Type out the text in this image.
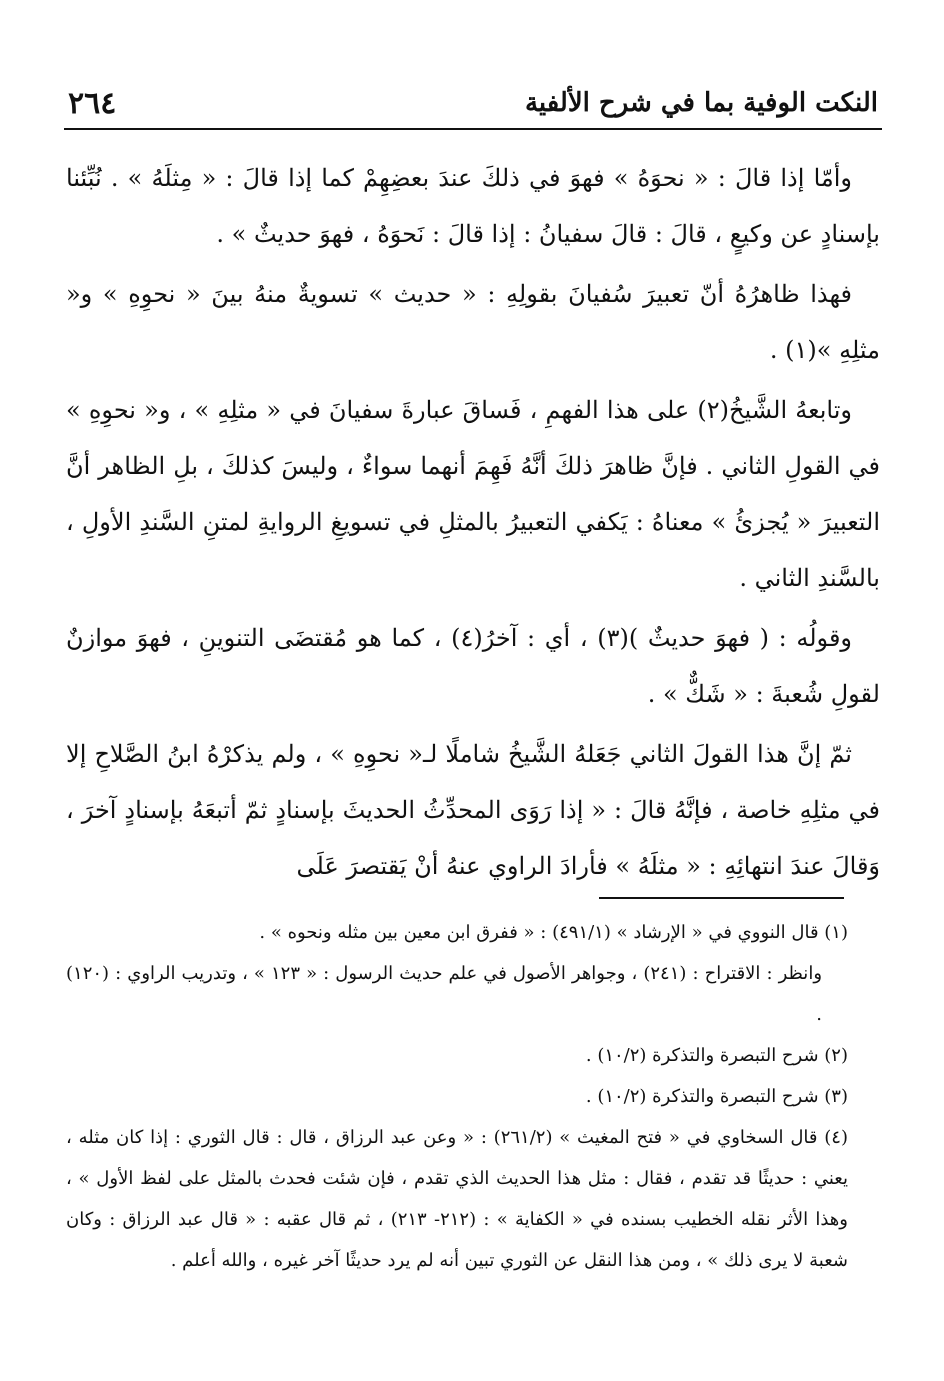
النكت الوفية بما في شرح الألفية
٢٦٤

وأمّا إذا قالَ : « نحوَهُ » فهوَ في ذلكَ عندَ بعضِهِمْ كما إذا قالَ : « مِثلَهُ » . نُبِّئنا بإسنادٍ عن وكيعٍ ، قالَ : قالَ سفيانُ : إذا قالَ : نَحوَهُ ، فهوَ حديثٌ » .

فهذا ظاهرُهُ أنّ تعبيرَ سُفيانَ بقولِهِ : « حديث » تسويةٌ منهُ بينَ « نحوِهِ » و« مثلِهِ »(١) .

وتابعهُ الشَّيخُ(٢) على هذا الفهمِ ، فَساقَ عبارةَ سفيانَ في « مثلِهِ » ، و« نحوِهِ » في القولِ الثاني . فإنَّ ظاهرَ ذلكَ أنَّهُ فَهِمَ أنهما سواءٌ ، وليسَ كذلكَ ، بلِ الظاهر أنَّ التعبيرَ « يُجزئُ » معناهُ : يَكفي التعبيرُ بالمثلِ في تسويغِ الروايةِ لمتنِ السَّندِ الأولِ ، بالسَّندِ الثاني .

وقولُه : ( فهوَ حديثٌ )(٣) ، أي : آخرُ(٤) ، كما هو مُقتضَى التنوينِ ، فهوَ موازنٌ لقولِ شُعبةَ : « شَكٌّ » .

ثمّ إنَّ هذا القولَ الثاني جَعَلهُ الشَّيخُ شاملًا لـ« نحوِهِ » ، ولم يذكرْهُ ابنُ الصَّلاحِ إلا في مثلِهِ خاصة ، فإنَّهُ قالَ : « إذا رَوَى المحدِّثُ الحديثَ بإسنادٍ ثمّ أتبعَهُ بإسنادٍ آخرَ ، وَقالَ عندَ انتهائِهِ : « مثلَهُ » فأرادَ الراوي عنهُ أنْ يَقتصرَ عَلَى

(١) قال النووي في « الإرشاد » (٤٩١/١) : « ففرق ابن معين بين مثله ونحوه » .

وانظر : الاقتراح : (٢٤١) ، وجواهر الأصول في علم حديث الرسول : « ١٢٣ » ، وتدريب الراوي : (١٢٠) .

(٢) شرح التبصرة والتذكرة (١٠/٢) .

(٣) شرح التبصرة والتذكرة (١٠/٢) .

(٤) قال السخاوي في « فتح المغيث » (٢٦١/٢) : « وعن عبد الرزاق ، قال : قال الثوري : إذا كان مثله ، يعني : حديثًا قد تقدم ، فقال : مثل هذا الحديث الذي تقدم ، فإن شئت فحدث بالمثل على لفظ الأول » ، وهذا الأثر نقله الخطيب بسنده في « الكفاية » : (٢١٢- ٢١٣) ، ثم قال عقبه : « قال عبد الرزاق : وكان شعبة لا يرى ذلك » ، ومن هذا النقل عن الثوري تبين أنه لم يرد حديثًا آخر غيره ، والله أعلم .
